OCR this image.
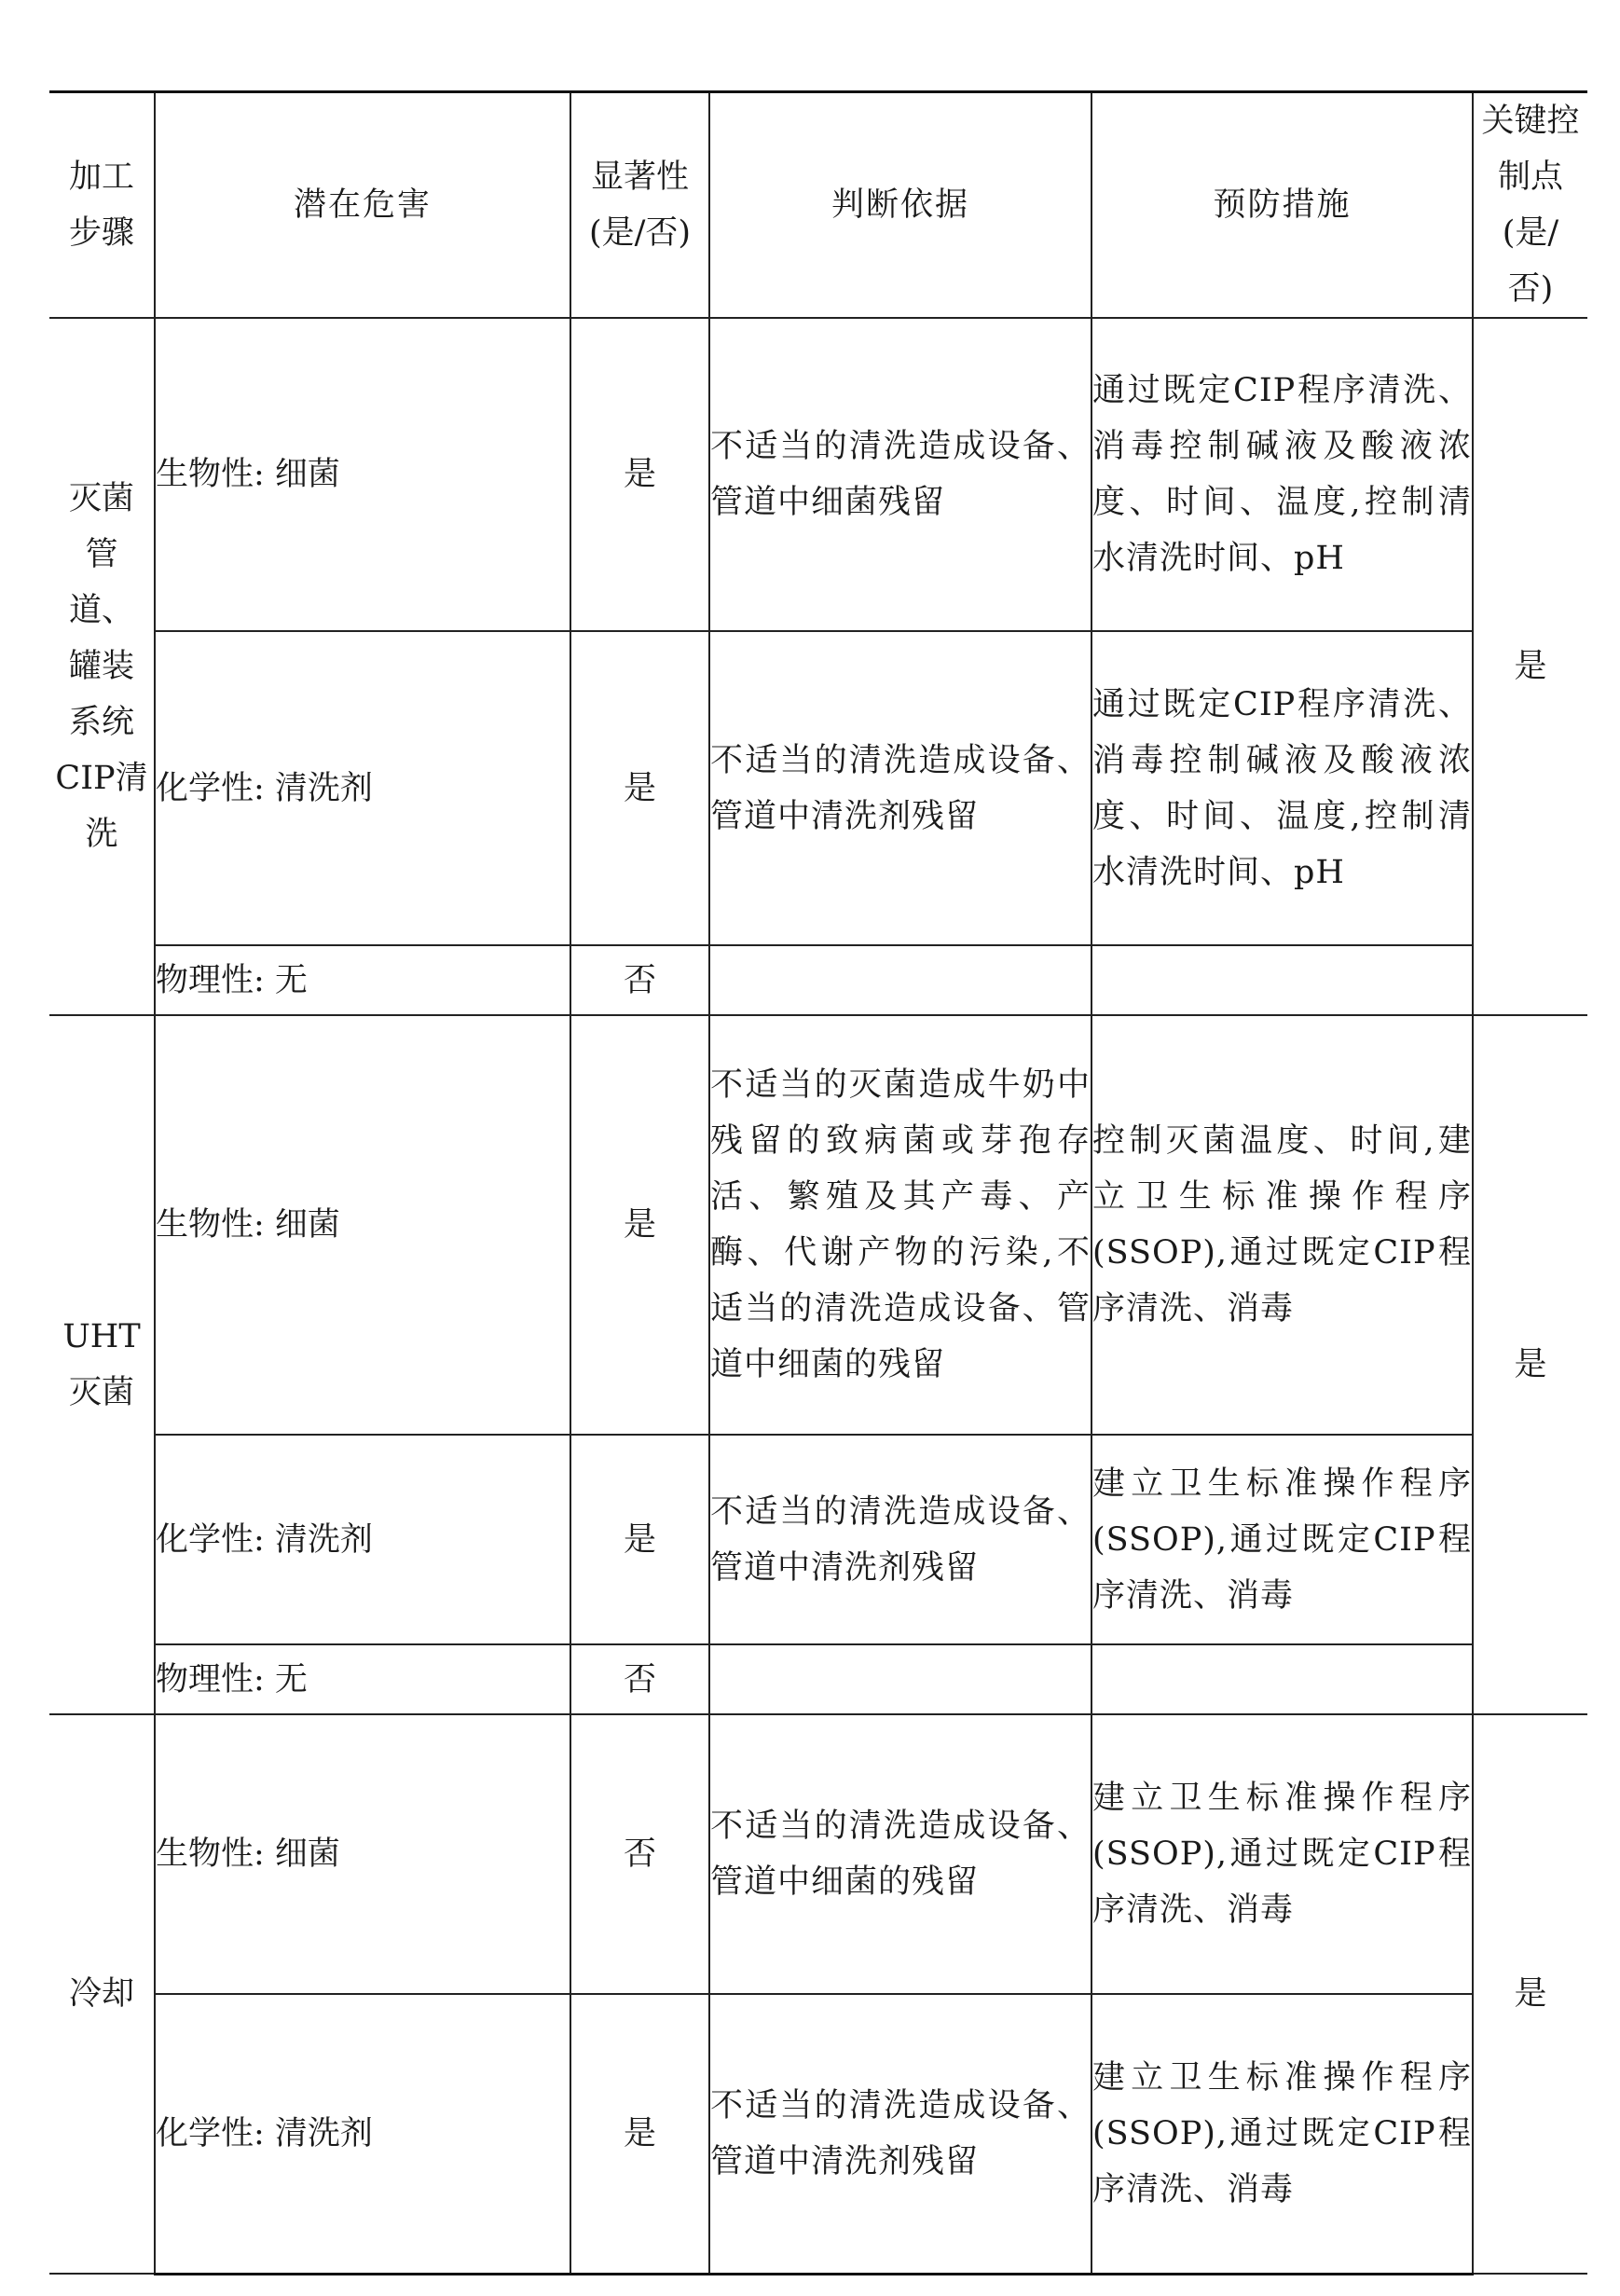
加工步骤	潜在危害	显著性(是/否)	判断依据	预防措施	关键控制点(是/否)

灭菌管道、罐装系统CIP清洗	生物性: 细菌	是	不适当的清洗造成设备、管道中细菌残留	通过既定CIP程序清洗、消毒控制碱液及酸液浓度、时间、温度,控制清水清洗时间、pH	是
	化学性: 清洗剂	是	不适当的清洗造成设备、管道中清洗剂残留	通过既定CIP程序清洗、消毒控制碱液及酸液浓度、时间、温度,控制清水清洗时间、pH	

	物理性: 无	否			

UHT灭菌	生物性: 细菌	是	不适当的灭菌造成牛奶中残留的致病菌或芽孢存活、繁殖及其产毒、产酶、代谢产物的污染,不适当的清洗造成设备、管道中细菌的残留	控制灭菌温度、时间,建立卫生标准操作程序(SSOP),通过既定CIP程序清洗、消毒	是
	化学性: 清洗剂	是	不适当的清洗造成设备、管道中清洗剂残留	建立卫生标准操作程序(SSOP),通过既定CIP程序清洗、消毒	

	物理性: 无	否			

冷却	生物性: 细菌	否	不适当的清洗造成设备、管道中细菌的残留	建立卫生标准操作程序(SSOP),通过既定CIP程序清洗、消毒	是
	化学性: 清洗剂	是	不适当的清洗造成设备、管道中清洗剂残留	建立卫生标准操作程序(SSOP),通过既定CIP程序清洗、消毒	
